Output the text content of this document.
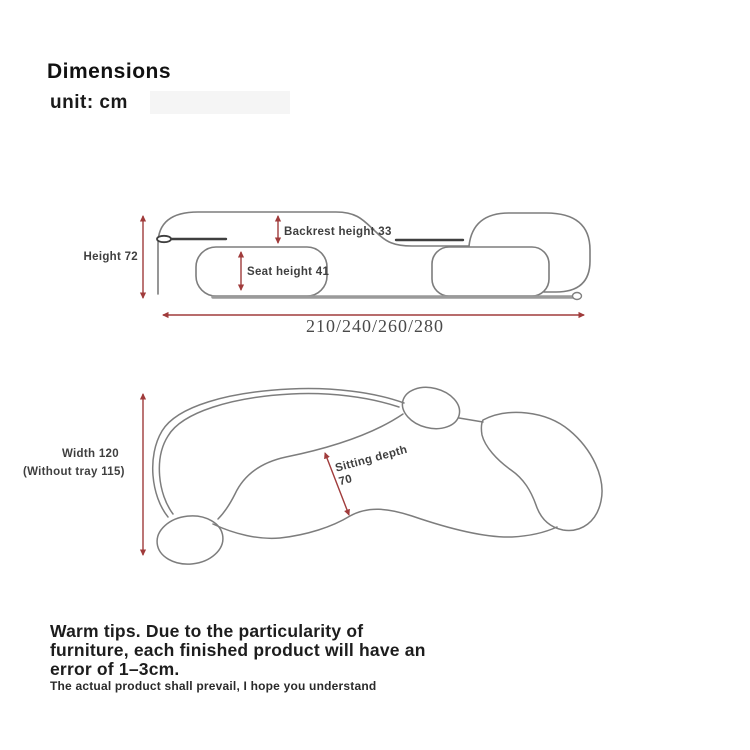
Dimensions
unit: cm
Height 72
Backrest height 33
Seat height 41
210/240/260/280
Width 120
(Without tray 115)	Sitting depth
70
Warm tips. Due to the particularity of
furniture, each finished product will have an
error of 1–3cm.
The actual product shall prevail, I hope you understand
